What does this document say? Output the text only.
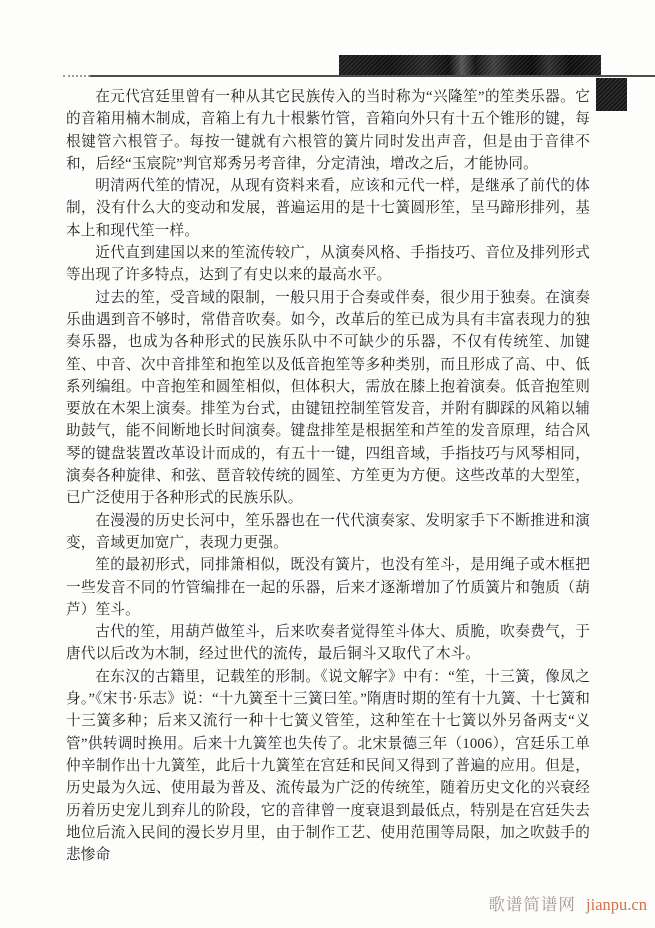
在元代宫廷里曾有一种从其它民族传入的当时称为“兴隆笙”的笙类乐器。它的音箱用楠木制成，音箱上有九十根紫竹管，音箱向外只有十五个锥形的键，每根键管六根管子。每按一键就有六根管的簧片同时发出声音，但是由于音律不和，后经“玉宸院”判官郑秀另考音律，分定清浊，增改之后，才能协同。

明清两代笙的情况，从现有资料来看，应该和元代一样，是继承了前代的体制，没有什么大的变动和发展，普遍运用的是十七簧圆形笙，呈马蹄形排列，基本上和现代笙一样。

近代直到建国以来的笙流传较广，从演奏风格、手指技巧、音位及排列形式等出现了许多特点，达到了有史以来的最高水平。

过去的笙，受音域的限制，一般只用于合奏或伴奏，很少用于独奏。在演奏乐曲遇到音不够时，常借音吹奏。如今，改革后的笙已成为具有丰富表现力的独奏乐器，也成为各种形式的民族乐队中不可缺少的乐器，不仅有传统笙、加键笙、中音、次中音排笙和抱笙以及低音抱笙等多种类别，而且形成了高、中、低系列编组。中音抱笙和圆笙相似，但体积大，需放在膝上抱着演奏。低音抱笙则要放在木架上演奏。排笙为台式，由键钮控制笙管发音，并附有脚踩的风箱以辅助鼓气，能不间断地长时间演奏。键盘排笙是根据笙和芦笙的发音原理，结合风琴的键盘装置改革设计而成的，有五十一键，四组音域，手指技巧与风琴相同，演奏各种旋律、和弦、琶音较传统的圆笙、方笙更为方便。这些改革的大型笙，已广泛使用于各种形式的民族乐队。

在漫漫的历史长河中，笙乐器也在一代代演奏家、发明家手下不断推进和演变，音域更加宽广，表现力更强。

笙的最初形式，同排箫相似，既没有簧片，也没有笙斗，是用绳子或木框把一些发音不同的竹管编排在一起的乐器，后来才逐渐增加了竹质簧片和匏质（葫芦）笙斗。

古代的笙，用葫芦做笙斗，后来吹奏者觉得笙斗体大、质脆，吹奏费气，于唐代以后改为木制，经过世代的流传，最后铜斗又取代了木斗。

在东汉的古籍里，记载笙的形制。《说文解字》中有：“笙，十三簧，像凤之身。”《宋书·乐志》说：“十九簧至十三簧曰笙。”隋唐时期的笙有十九簧、十七簧和十三簧多种；后来又流行一种十七簧义管笙，这种笙在十七簧以外另备两支“义管”供转调时换用。后来十九簧笙也失传了。北宋景德三年（1006），宫廷乐工单仲辛制作出十九簧笙，此后十九簧笙在宫廷和民间又得到了普遍的应用。但是，历史最为久远、使用最为普及、流传最为广泛的传统笙，随着历史文化的兴衰经历着历史宠儿到弃儿的阶段，它的音律曾一度衰退到最低点，特别是在宫廷失去地位后流入民间的漫长岁月里，由于制作工艺、使用范围等局限，加之吹鼓手的悲惨命

歌谱简谱网 jianpu.cn
